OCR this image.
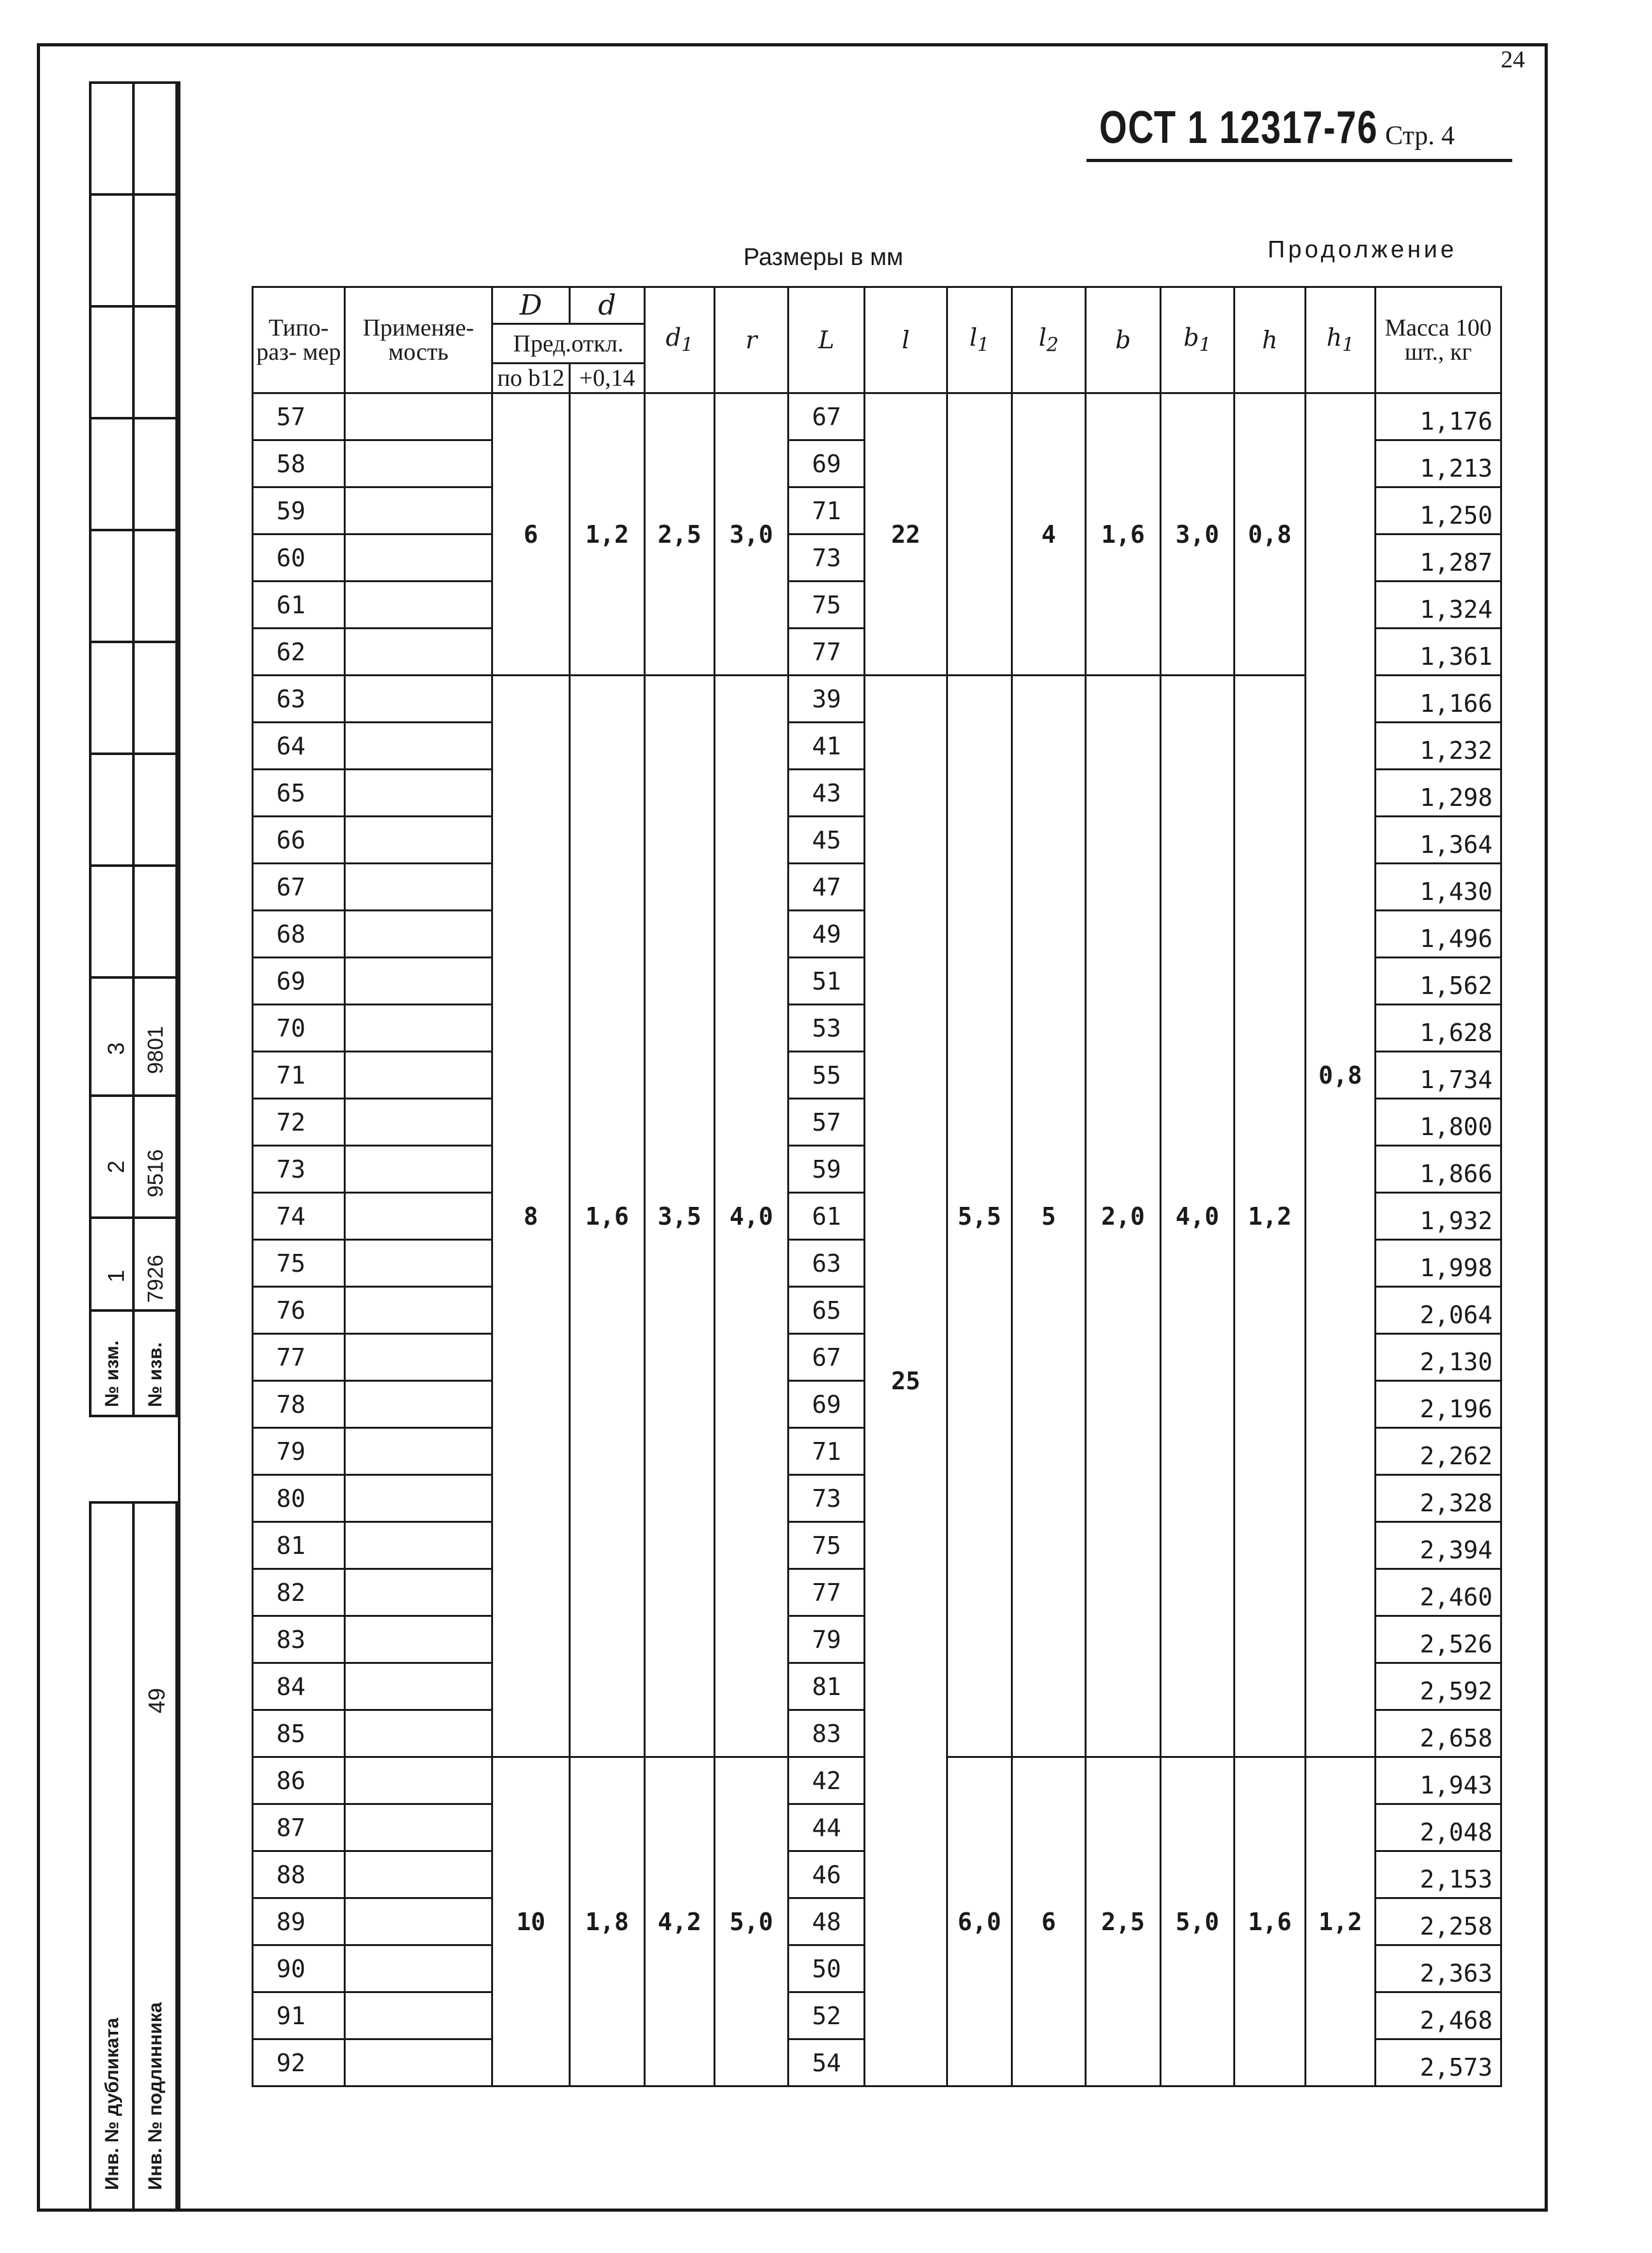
24
ОСТ 1 12317-76 Стр. 4
Размеры в мм	Продолжение
3 9801
2 9516
1 7926
№ изм. № изв.
Инв. № дубликата
49
Инв. № подлинника
Типо- раз- мер	Применяе- мость	D	d	$d_1$	r	L	l	$l_1$	$l_2$	b	$b_1$	h	$h_1$	Масса 100 шт., кг
		Пред.откл.												
		по b12	+0,14											
57		6	1,2	2,5	3,0	67	22		4	1,6	3,0	0,8	0,8	1,176
58						69								1,213
59						71								1,250
60						73								1,287
61						75								1,324
62						77								1,361
63		8	1,6	3,5	4,0	39	25	5,5	5	2,0	4,0	1,2		1,166
64						41								1,232
65						43								1,298
66						45								1,364
67						47								1,430
68						49								1,496
69						51								1,562
70						53								1,628
71						55								1,734
72						57								1,800
73						59								1,866
74						61								1,932
75						63								1,998
76						65								2,064
77						67								2,130
78						69								2,196
79						71								2,262
80						73								2,328
81						75								2,394
82						77								2,460
83						79								2,526
84						81								2,592
85						83								2,658
86		10	1,8	4,2	5,0	42		6,0	6	2,5	5,0	1,6	1,2	1,943
87						44								2,048
88						46								2,153
89						48								2,258
90						50								2,363
91						52								2,468
92						54								2,573
